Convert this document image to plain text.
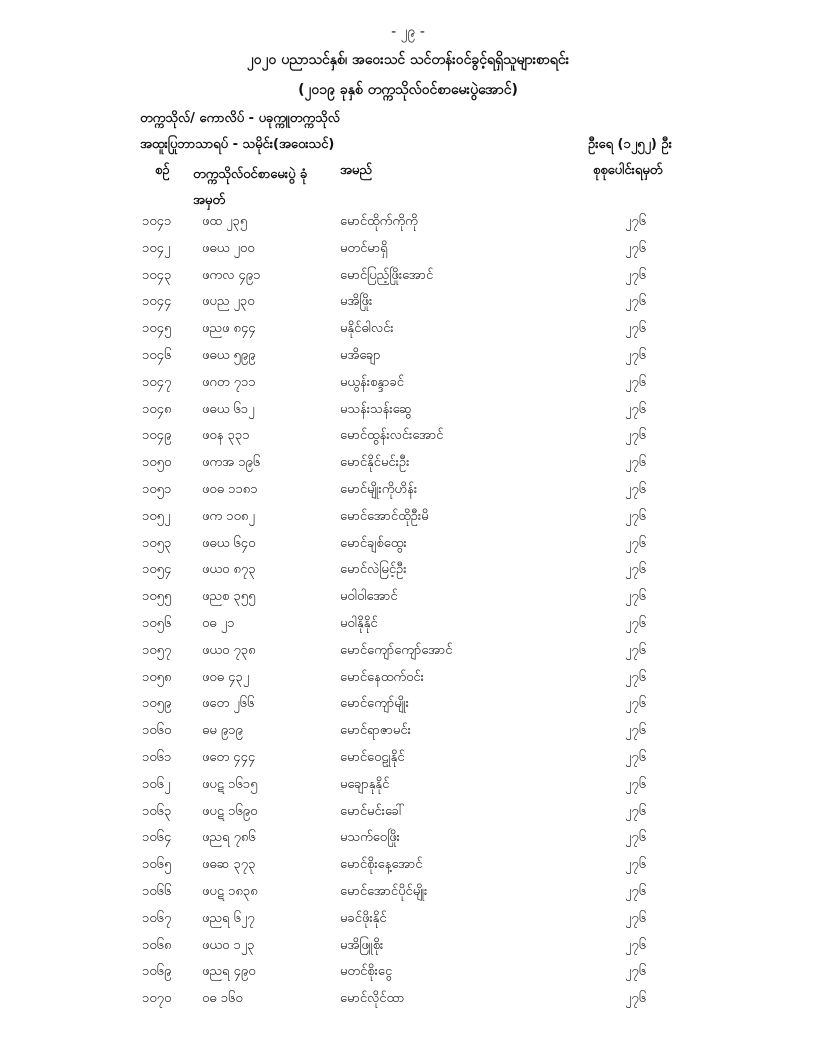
- ၂၉ -
၂၀၂၀ ပညာသင်နှစ်၊ အဝေးသင် သင်တန်းဝင်ခွင့်ရရှိသူများစာရင်း
(၂၀၁၉ ခုနှစ် တက္ကသိုလ်ဝင်စာမေးပွဲအောင်)
တက္ကသိုလ်/ ကောလိပ် - ပခုက္ကူတက္ကသိုလ်
အထူးပြုဘာသာရပ် - သမိုင်း(အဝေးသင်)	ဦးရေ (၁၂၅၂) ဦး
စဉ် တက္ကသိုလ်ဝင်စာမေးပွဲ ခုံအမှတ်
အမည်	စုစုပေါင်းရမှတ်
၁၀၄၁ ဖထ ၂၃၅	မောင်ထိုက်ကိုကို	၂၇၆
၁၀၄၂ ဖဓယ ၂၀၀	မတင်မာရှိ	၂၇၆
၁၀၄၃ ဖကလ ၄၉၁	မောင်ပြည့်ဖြိုးအောင်	၂၇၆
၁၀၄၄ ဖပည ၂၃၀	မအိဖြိုး	၂၇၆
၁၀၄၅ ဖညဖ ၈၄၄	မနိုင်ဓါလင်း	၂၇၆
၁၀၄၆ ဖဓယ ၅၉၉	မအိချော	၂၇၆
၁၀၄၇ ဖဂတ ၇၁၁	မယွန်းစန္ဒာခင်	၂၇၆
၁၀၄၈ ဖဓယ ၆၁၂	မသန်းသန်းဆွေ	၂၇၆
၁၀၄၉ ဖဝန ၃၃၁	မောင်ထွန်းလင်းအောင်	၂၇၆
၁၀၅၀ ဖကအ ၁၉၆	မောင်နိုင်မင်းဦး	၂၇၆
၁၀၅၁ ဖဝဓ ၁၁၈၁	မောင်မျိုးကိုဟိန်း	၂၇၆
၁၀၅၂ ဖက ၁၀၈၂	မောင်အောင်ထိုဦးမိ	၂၇၆
၁၀၅၃ ဖဓယ ၆၄၀	မောင်ချစ်ထွေး	၂၇၆
၁၀၅၄ ဖယဝ ၈၇၃	မောင်လဲမြင့်ဦး	၂၇၆
၁၀၅၅ ဖညစ ၃၅၅	မဝါဝါအောင်	၂၇၆
၁၀၅၆ ဝဓ ၂၁	မဝါနိုနိုင်	၂၇၆
၁၀၅၇ ဖယဝ ၇၃၈	မောင်ကျော်ကျော်အောင်	၂၇၆
၁၀၅၈ ဖဝဓ ၄၃၂	မောင်နေထက်ဝင်း	၂၇၆
၁၀၅၉ ဖတေ ၂၆၆	မောင်ကျော်မျိုး	၂၇၆
၁၀၆၀ ဓမ ၉၁၉	မောင်ရာဇာမင်း	၂၇၆
၁၀၆၁ ဖတေ ၄၄၄	မောင်ဝေဠုနိုင်	၂၇၆
၁၀၆၂ ဖပဋ ၁၆၁၅	မချောနုနိုင်	၂၇၆
၁၀၆၃ ဖပဋ ၁၆၉၀	မောင်မင်းခေါ်	၂၇၆
၁၀၆၄ ဖညရ ၇၈၆	မသက်ဝေဖြိုး	၂၇၆
၁၀၆၅ ဖဓဆ ၃၇၃	မောင်စိုးနေ့အောင်	၂၇၆
၁၀၆၆ ဖပဋ ၁၈၃၈	မောင်အောင်ပိုင်မျိုး	၂၇၆
၁၀၆၇ ဖညရ ၆၂၇	မခင်ဖိုးနိုင်	၂၇၆
၁၀၆၈ ဖယဝ ၁၂၃	မအိဖြူစိုး	၂၇၆
၁၀၆၉ ဖညရ ၄၉၀	မတင်စိုးငွေ	၂၇၆
၁၀၇၀ ဝဓ ၁၆၀	မောင်လိုင်ထာ	၂၇၆
